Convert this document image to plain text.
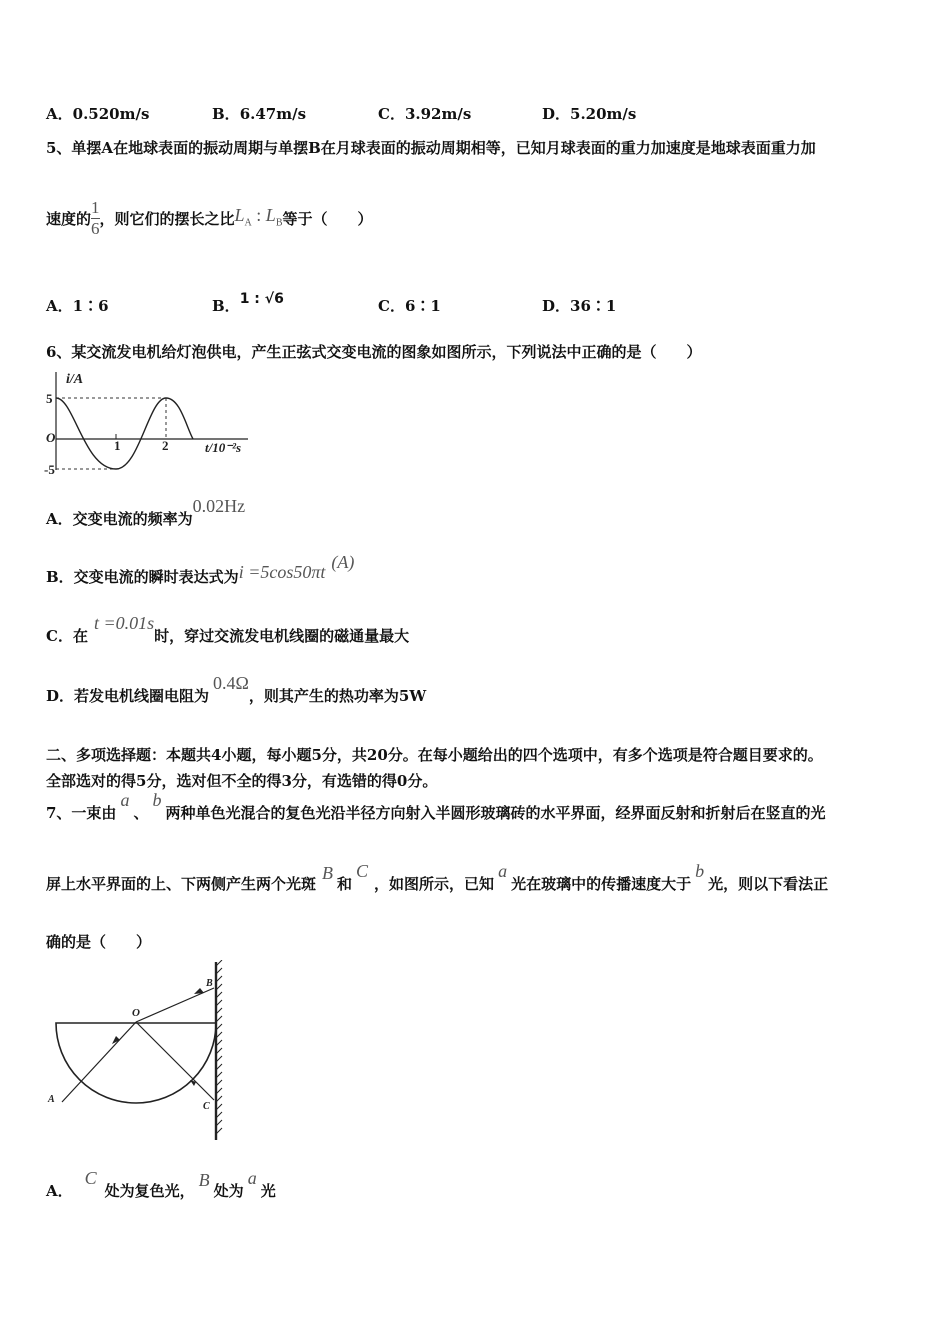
A．0.520m/s	B．6.47m/s	C．3.92m/s	D．5.20m/s
5、单摆A在地球表面的振动周期与单摆B在月球表面的振动周期相等，已知月球表面的重力加速度是地球表面重力加
速度的 $\frac{1}{6}$ ，则它们的摆长之比 $L_A$ : $L_B$ 等于（　　）
A．1∶6	B．1 : √6	C．6∶1	D．36∶1
6、某交流发电机给灯泡供电，产生正弦式交变电流的图象如图所示，下列说法中正确的是（　　）
i/A
5
-5
O
1	2	t/10⁻²s
A．交变电流的频率为
0.02Hz
B．交变电流的瞬时表达式为 i =5cos50πt (A)
C．在
t =0.01s
时，穿过交流发电机线圈的磁通量最大
D．若发电机线圈电阻为
0.4Ω
，则其产生的热功率为5W
二、多项选择题：本题共4小题，每小题5分，共20分。在每小题给出的四个选项中，有多个选项是符合题目要求的。
全部选对的得5分，选对但不全的得3分，有选错的得0分。
7、一束由
a
、
b
两种单色光混合的复色光沿半径方向射入半圆形玻璃砖的水平界面，经界面反射和折射后在竖直的光
屏上水平界面的上、下两侧产生两个光斑
B
和
C
，如图所示，已知
a
光在玻璃中的传播速度大于
b
光，则以下看法正
确的是（　　）
O
A
B
C
A．
C
处为复色光，
B
处为
a
光
